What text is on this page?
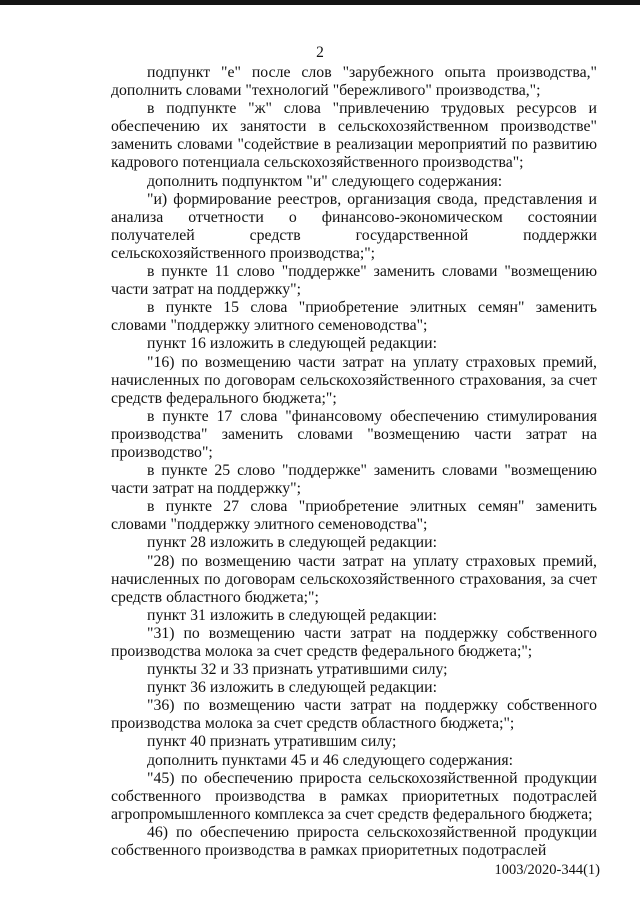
2

подпункт "е" после слов "зарубежного опыта производства," дополнить словами "технологий "бережливого" производства,";

в подпункте "ж" слова "привлечению трудовых ресурсов и обеспечению их занятости в сельскохозяйственном производстве" заменить словами "содействие в реализации мероприятий по развитию кадрового потенциала сельскохозяйственного производства";

дополнить подпунктом "и" следующего содержания:

"и) формирование реестров, организация свода, представления и анализа отчетности о финансово-экономическом состоянии получателей средств государственной поддержки сельскохозяйственного производства;";

в пункте 11 слово "поддержке" заменить словами "возмещению части затрат на поддержку";

в пункте 15 слова "приобретение элитных семян" заменить словами "поддержку элитного семеноводства";

пункт 16 изложить в следующей редакции:

"16) по возмещению части затрат на уплату страховых премий, начисленных по договорам сельскохозяйственного страхования, за счет средств федерального бюджета;";

в пункте 17 слова "финансовому обеспечению стимулирования производства" заменить словами "возмещению части затрат на производство";

в пункте 25 слово "поддержке" заменить словами "возмещению части затрат на поддержку";

в пункте 27 слова "приобретение элитных семян" заменить словами "поддержку элитного семеноводства";

пункт 28 изложить в следующей редакции:

"28) по возмещению части затрат на уплату страховых премий, начисленных по договорам сельскохозяйственного страхования, за счет средств областного бюджета;";

пункт 31 изложить в следующей редакции:

"31) по возмещению части затрат на поддержку собственного производства молока за счет средств федерального бюджета;";

пункты 32 и 33 признать утратившими силу;

пункт 36 изложить в следующей редакции:

"36) по возмещению части затрат на поддержку собственного производства молока за счет средств областного бюджета;";

пункт 40 признать утратившим силу;

дополнить пунктами 45 и 46 следующего содержания:

"45) по обеспечению прироста сельскохозяйственной продукции собственного производства в рамках приоритетных подотраслей агропромышленного комплекса за счет средств федерального бюджета;

46) по обеспечению прироста сельскохозяйственной продукции собственного производства в рамках приоритетных подотраслей

1003/2020-344(1)
